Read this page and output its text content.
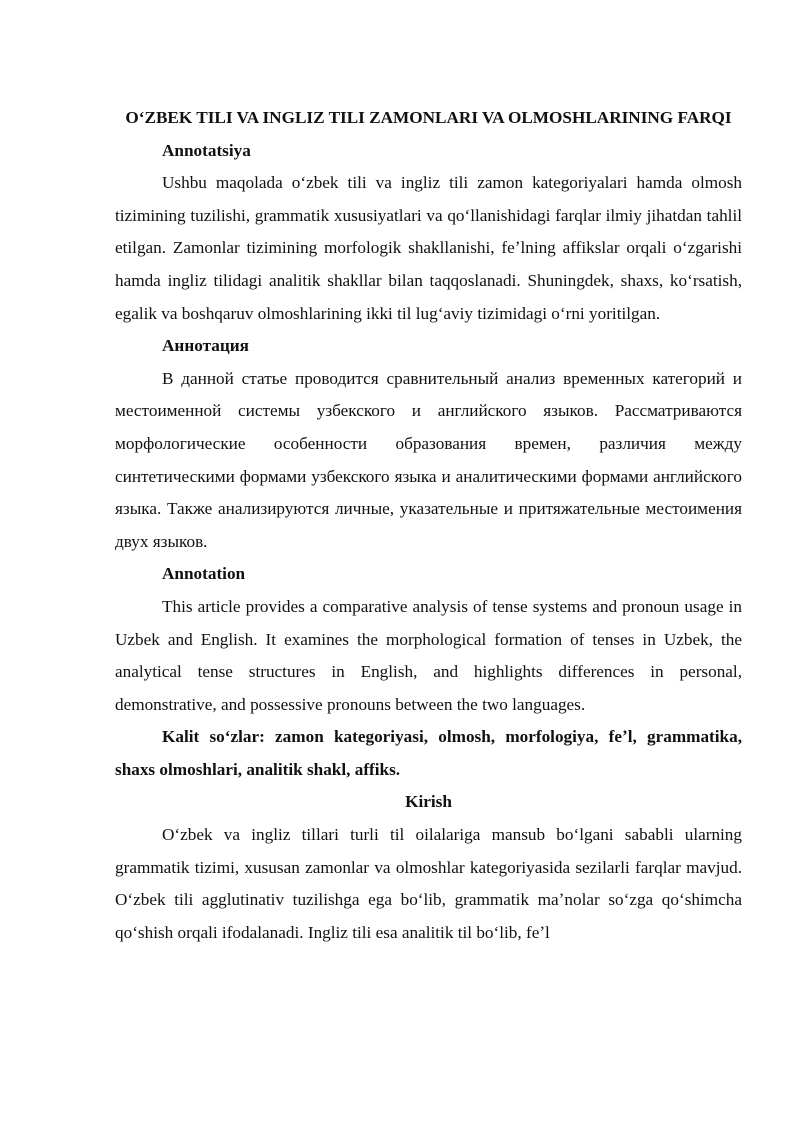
OʻZBEK TILI VA INGLIZ TILI ZAMONLARI VA OLMOSHLARINING FARQI

Annotatsiya

Ushbu maqolada oʻzbek tili va ingliz tili zamon kategoriyalari hamda olmosh tizimining tuzilishi, grammatik xususiyatlari va qoʻllanishidagi farqlar ilmiy jihatdan tahlil etilgan. Zamonlar tizimining morfologik shakllanishi, feʼlning affikslar orqali oʻzgarishi hamda ingliz tilidagi analitik shakllar bilan taqqoslanadi. Shuningdek, shaxs, koʻrsatish, egalik va boshqaruv olmoshlarining ikki til lugʻaviy tizimidagi oʻrni yoritilgan.

Аннотация

В данной статье проводится сравнительный анализ временных категорий и местоименной системы узбекского и английского языков. Рассматриваются морфологические особенности образования времен, различия между синтетическими формами узбекского языка и аналитическими формами английского языка. Также анализируются личные, указательные и притяжательные местоимения двух языков.

Annotation

This article provides a comparative analysis of tense systems and pronoun usage in Uzbek and English. It examines the morphological formation of tenses in Uzbek, the analytical tense structures in English, and highlights differences in personal, demonstrative, and possessive pronouns between the two languages.

Kalit soʻzlar: zamon kategoriyasi, olmosh, morfologiya, feʼl, grammatika, shaxs olmoshlari, analitik shakl, affiks.

Kirish

Oʻzbek va ingliz tillari turli til oilalariga mansub boʻlgani sababli ularning grammatik tizimi, xususan zamonlar va olmoshlar kategoriyasida sezilarli farqlar mavjud. Oʻzbek tili agglutinativ tuzilishga ega boʻlib, grammatik maʼnolar soʻzga qoʻshimcha qoʻshish orqali ifodalanadi. Ingliz tili esa analitik til boʻlib, feʼl
